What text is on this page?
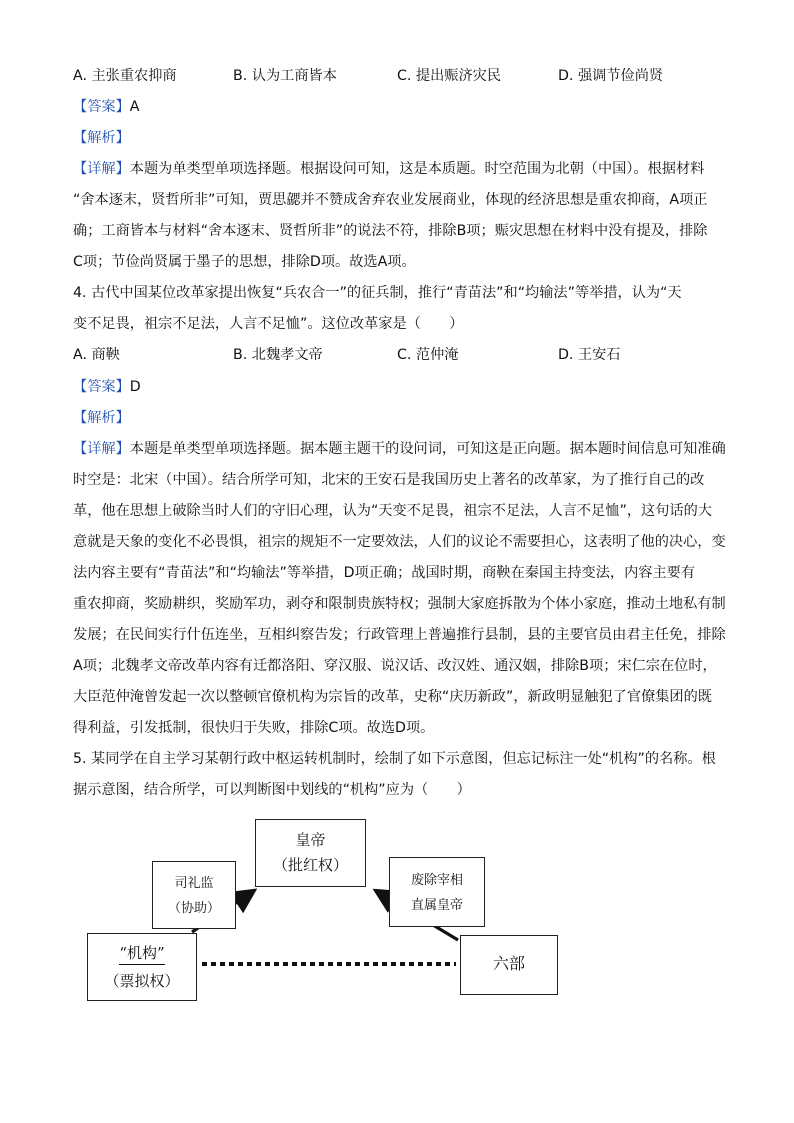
A. 主张重农抑商	B. 认为工商皆本	C. 提出赈济灾民	D. 强调节俭尚贤
【答案】A
【解析】
【详解】本题为单类型单项选择题。根据设问可知，这是本质题。时空范围为北朝（中国）。根据材料
“舍本逐末，贤哲所非”可知，贾思勰并不赞成舍弃农业发展商业，体现的经济思想是重农抑商，A项正
确；工商皆本与材料“舍本逐末、贤哲所非”的说法不符，排除B项；赈灾思想在材料中没有提及，排除
C项；节俭尚贤属于墨子的思想，排除D项。故选A项。
4. 古代中国某位改革家提出恢复“兵农合一”的征兵制，推行“青苗法”和“均输法”等举措，认为“天
变不足畏，祖宗不足法，人言不足恤”。这位改革家是（　　）
A. 商鞅	B. 北魏孝文帝	C. 范仲淹	D. 王安石
【答案】D
【解析】
【详解】本题是单类型单项选择题。据本题主题干的设问词，可知这是正向题。据本题时间信息可知准确
时空是：北宋（中国）。结合所学可知，北宋的王安石是我国历史上著名的改革家，为了推行自己的改
革，他在思想上破除当时人们的守旧心理，认为“天变不足畏，祖宗不足法，人言不足恤”，这句话的大
意就是天象的变化不必畏惧，祖宗的规矩不一定要效法，人们的议论不需要担心，这表明了他的决心，变
法内容主要有“青苗法”和“均输法”等举措，D项正确；战国时期，商鞅在秦国主持变法，内容主要有
重农抑商，奖励耕织，奖励军功，剥夺和限制贵族特权；强制大家庭拆散为个体小家庭，推动土地私有制
发展；在民间实行什伍连坐，互相纠察告发；行政管理上普遍推行县制，县的主要官员由君主任免，排除
A项；北魏孝文帝改革内容有迁都洛阳、穿汉服、说汉话、改汉姓、通汉姻，排除B项；宋仁宗在位时，
大臣范仲淹曾发起一次以整顿官僚机构为宗旨的改革，史称“庆历新政”，新政明显触犯了官僚集团的既
得利益，引发抵制，很快归于失败，排除C项。故选D项。
5. 某同学在自主学习某朝行政中枢运转机制时，绘制了如下示意图，但忘记标注一处“机构”的名称。根
据示意图，结合所学，可以判断图中划线的“机构”应为（　　）
皇帝
（批红权）
司礼监
（协助）
废除宰相
直属皇帝
“机构”
（票拟权）
六部
